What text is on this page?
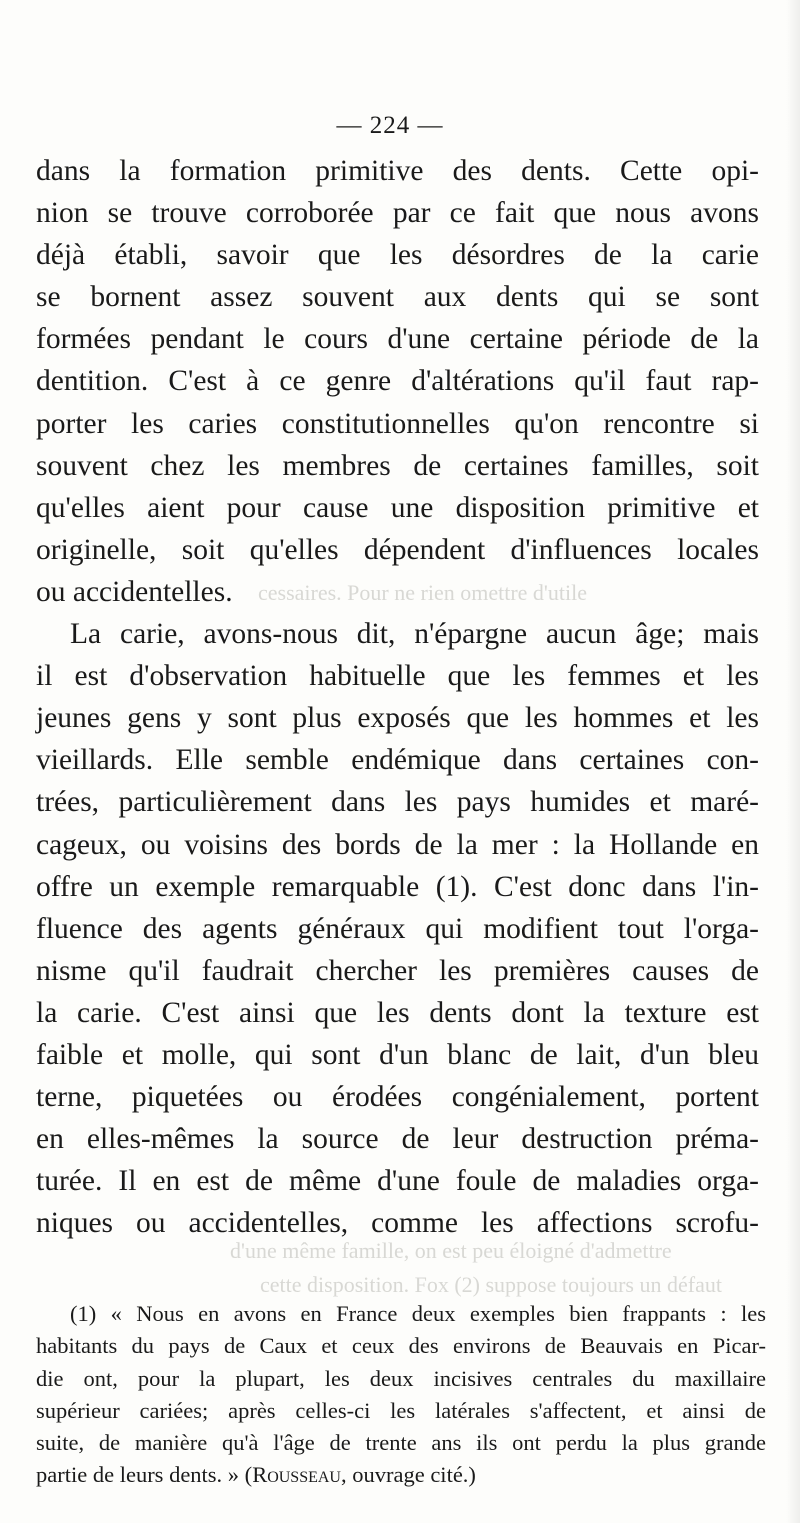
cessaires. Pour ne rien omettre d'utile
d'une même famille, on est peu éloigné d'admettre
cette disposition. Fox (2) suppose toujours un défaut
— 224 —
dans la formation primitive des dents. Cette opi-
nion se trouve corroborée par ce fait que nous avons
déjà établi, savoir que les désordres de la carie
se bornent assez souvent aux dents qui se sont
formées pendant le cours d'une certaine période de la
dentition. C'est à ce genre d'altérations qu'il faut rap-
porter les caries constitutionnelles qu'on rencontre si
souvent chez les membres de certaines familles, soit
qu'elles aient pour cause une disposition primitive et
originelle, soit qu'elles dépendent d'influences locales
ou accidentelles.
La carie, avons-nous dit, n'épargne aucun âge; mais
il est d'observation habituelle que les femmes et les
jeunes gens y sont plus exposés que les hommes et les
vieillards. Elle semble endémique dans certaines con-
trées, particulièrement dans les pays humides et maré-
cageux, ou voisins des bords de la mer : la Hollande en
offre un exemple remarquable (1). C'est donc dans l'in-
fluence des agents généraux qui modifient tout l'orga-
nisme qu'il faudrait chercher les premières causes de
la carie. C'est ainsi que les dents dont la texture est
faible et molle, qui sont d'un blanc de lait, d'un bleu
terne, piquetées ou érodées congénialement, portent
en elles-mêmes la source de leur destruction préma-
turée. Il en est de même d'une foule de maladies orga-
niques ou accidentelles, comme les affections scrofu-
(1) « Nous en avons en France deux exemples bien frappants : les
habitants du pays de Caux et ceux des environs de Beauvais en Picar-
die ont, pour la plupart, les deux incisives centrales du maxillaire
supérieur cariées; après celles-ci les latérales s'affectent, et ainsi de
suite, de manière qu'à l'âge de trente ans ils ont perdu la plus grande
partie de leurs dents. » (Rousseau, ouvrage cité.)
